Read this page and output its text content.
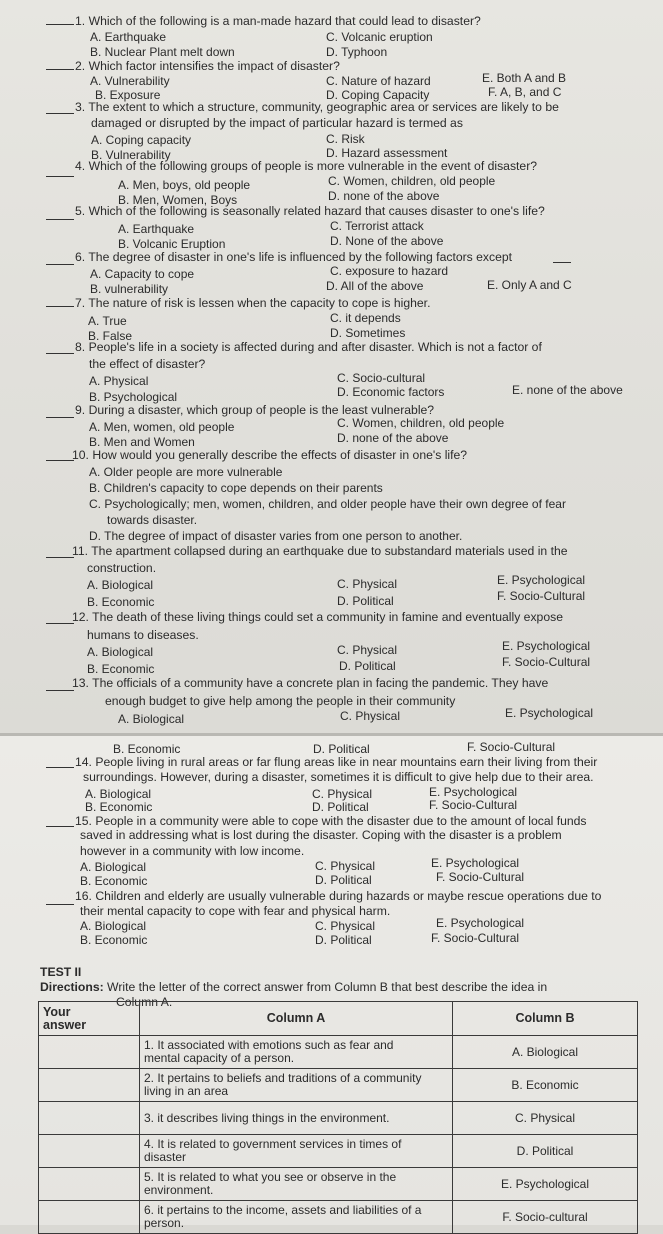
1. Which of the following is a man-made hazard that could lead to disaster?
A. Earthquake
B. Nuclear Plant melt down
C. Volcanic eruption
D. Typhoon
2. Which factor intensifies the impact of disaster?
A. Vulnerability
B. Exposure
C. Nature of hazard
D. Coping Capacity
E. Both A and B
F. A, B, and C
3. The extent to which a structure, community, geographic area or services are likely to be
damaged or disrupted by the impact of particular hazard is termed as
A. Coping capacity
B. Vulnerability
C. Risk
D. Hazard assessment
4. Which of the following groups of people is more vulnerable in the event of disaster?
A. Men, boys, old people
B. Men, Women, Boys
C. Women, children, old people
D. none of the above
5. Which of the following is seasonally related hazard that causes disaster to one's life?
A. Earthquake
B. Volcanic Eruption
C. Terrorist attack
D. None of the above
6. The degree of disaster in one's life is influenced by the following factors except
A. Capacity to cope
B. vulnerability
C. exposure to hazard
D. All of the above	E. Only A and C
7. The nature of risk is lessen when the capacity to cope is higher.
A. True
B. False
C. it depends
D. Sometimes
8. People's life in a society is affected during and after disaster. Which is not a factor of
the effect of disaster?
A. Physical
B. Psychological
C. Socio-cultural
D. Economic factors	E. none of the above
9. During a disaster, which group of people is the least vulnerable?
A. Men, women, old people
B. Men and Women
C. Women, children, old people
D. none of the above
10. How would you generally describe the effects of disaster in one's life?
A. Older people are more vulnerable
B. Children's capacity to cope depends on their parents
C. Psychologically; men, women, children, and older people have their own degree of fear
towards disaster.
D. The degree of impact of disaster varies from one person to another.
11. The apartment collapsed during an earthquake due to substandard materials used in the
construction.
A. Biological
B. Economic
C. Physical
D. Political
E. Psychological
F. Socio-Cultural
12. The death of these living things could set a community in famine and eventually expose
humans to diseases.
A. Biological
B. Economic
C. Physical
D. Political
E. Psychological
F. Socio-Cultural
13. The officials of a community have a concrete plan in facing the pandemic. They have
enough budget to give help among the people in their community
A. Biological	C. Physical	E. Psychological
B. Economic	D. Political	F. Socio-Cultural
14. People living in rural areas or far flung areas like in near mountains earn their living from their
surroundings. However, during a disaster, sometimes it is difficult to give help due to their area.
A. Biological
B. Economic
C. Physical
D. Political
E. Psychological
F. Socio-Cultural
15. People in a community were able to cope with the disaster due to the amount of local funds
saved in addressing what is lost during the disaster. Coping with the disaster is a problem
however in a community with low income.
A. Biological
B. Economic
C. Physical
D. Political
E. Psychological
F. Socio-Cultural
16. Children and elderly are usually vulnerable during hazards or maybe rescue operations due to
their mental capacity to cope with fear and physical harm.
A. Biological
B. Economic
C. Physical
D. Political
E. Psychological
F. Socio-Cultural
TEST II
Directions: Write the letter of the correct answer from Column B that best describe the idea in
Column A.
Your
answer	Column A	Column B
	1. It associated with emotions such as fear and
mental capacity of a person.	A. Biological
	2. It pertains to beliefs and traditions of a community
living in an area	B. Economic
	3. it describes living things in the environment.	C. Physical
	4. It is related to government services in times of
disaster	D. Political
	5. It is related to what you see or observe in the
environment.	E. Psychological
	6. it pertains to the income, assets and liabilities of a
person.	F. Socio-cultural
